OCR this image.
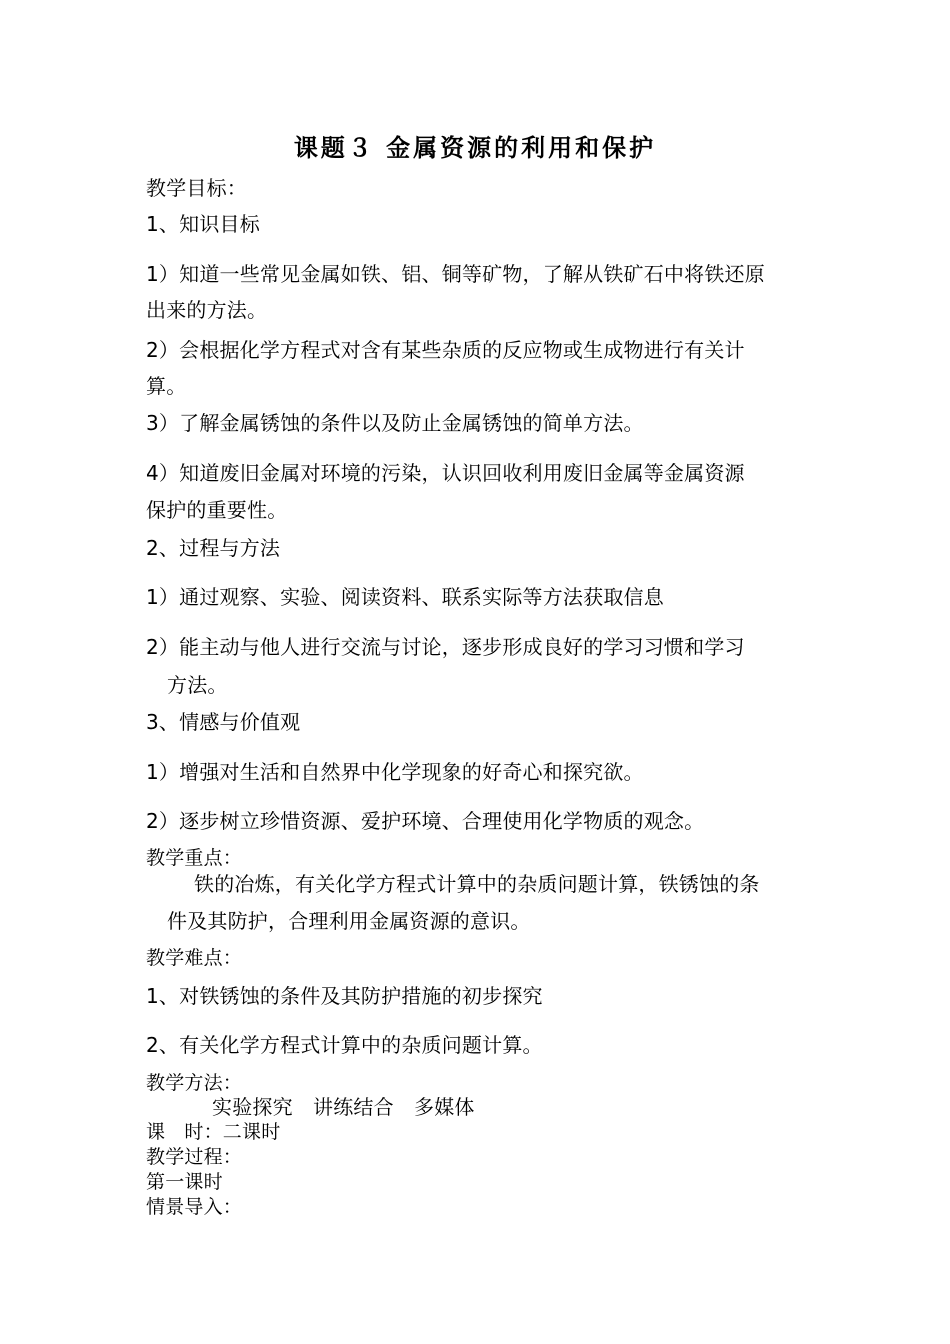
课题３ 金属资源的利用和保护
教学目标：
1、知识目标
1）知道一些常见金属如铁、铝、铜等矿物，了解从铁矿石中将铁还原
出来的方法。
2）会根据化学方程式对含有某些杂质的反应物或生成物进行有关计
算。
3）了解金属锈蚀的条件以及防止金属锈蚀的简单方法。
4）知道废旧金属对环境的污染，认识回收利用废旧金属等金属资源
保护的重要性。
2、过程与方法
1）通过观察、实验、阅读资料、联系实际等方法获取信息
2）能主动与他人进行交流与讨论，逐步形成良好的学习习惯和学习
方法。
3、情感与价值观
1）增强对生活和自然界中化学现象的好奇心和探究欲。
2）逐步树立珍惜资源、爱护环境、合理使用化学物质的观念。
教学重点：
铁的冶炼，有关化学方程式计算中的杂质问题计算，铁锈蚀的条
件及其防护，合理利用金属资源的意识。
教学难点：
1、对铁锈蚀的条件及其防护措施的初步探究
2、有关化学方程式计算中的杂质问题计算。
教学方法：
实验探究　讲练结合　多媒体
课　时：二课时
教学过程：
第一课时
情景导入：
